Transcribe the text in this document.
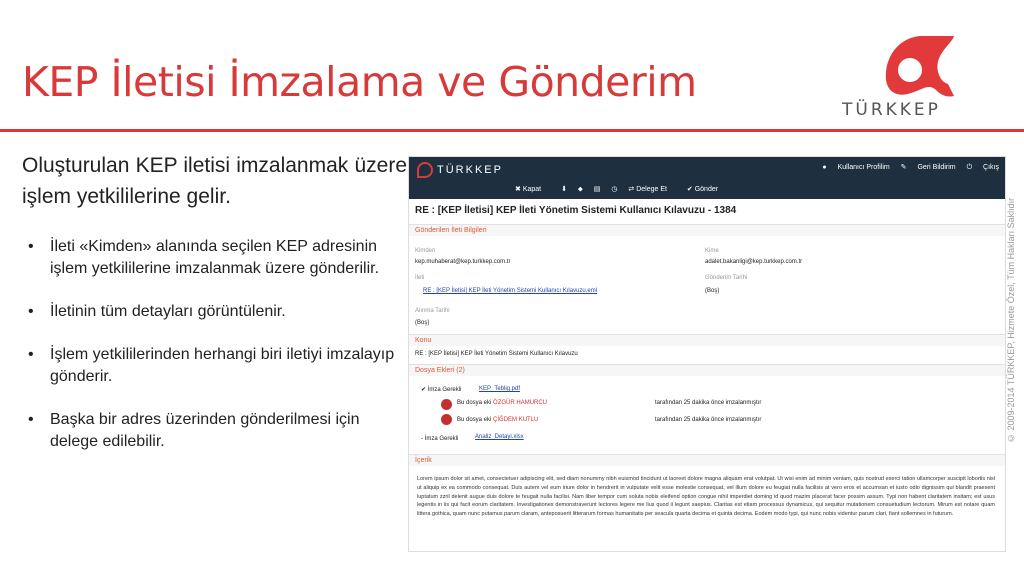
KEP İletisi İmzalama ve Gönderim
TÜRKKEP
Oluşturulan KEP iletisi imzalanmak üzere işlem yetkililerine gelir.
• İleti «Kimden» alanında seçilen KEP adresinin işlem yetkililerine imzalanmak üzere gönderilir.
• İletinin tüm detayları görüntülenir.
• İşlem yetkililerinden herhangi biri iletiyi imzalayıp gönderir.
• Başka bir adres üzerinden gönderilmesi için delege edilebilir.	© 2009-2014 TÜRKKEP, Hizmete Özel, Tüm Hakları Saklıdır
TÜRKKEP	● Kullanıcı Profilim ✎ Geri Bildirim ⏻ Çıkış
✖ Kapat	⬇ ⬥ ▤ ◷ ⇄ Delege Et	✔ Gönder
RE : [KEP İletisi] KEP İleti Yönetim Sistemi Kullanıcı Kılavuzu - 1384
Gönderilen İleti Bilgileri
Kimden
kep.muhaberat@kep.turkkep.com.tr
Kime
adalet.bakanligi@kep.turkkep.com.tr
İleti
RE : [KEP İletisi] KEP İleti Yönetim Sistemi Kullanıcı Kılavuzu.eml
Gönderim Tarihi
(Boş)
Alınma Tarihi
(Boş)
Konu
RE : [KEP İletisi] KEP İleti Yönetim Sistemi Kullanıcı Kılavuzu
Dosya Ekleri (2)
✔ İmza Gerekli	KEP_Teblig.pdf
Bu dosya eki ÖZGÜR HAMURCU	tarafından 25 dakika önce imzalanmıştır
Bu dosya eki ÇİĞDEM KUTLU	tarafından 25 dakika önce imzalanmıştır
- İmza Gerekli	Analiz_Detayi.xlsx
İçerik
Lorem ipsum dolor sit amet, consectetuer adipiscing elit, sed diam nonummy nibh euismod tincidunt ut laoreet dolore magna aliquam erat volutpat. Ut wisi enim ad minim veniam, quis nostrud exerci tation ullamcorper suscipit lobortis nisl ut aliquip ex ea commodo consequat. Duis autem vel eum iriure dolor in hendrerit in vulputate velit esse molestie consequat, vel illum dolore eu feugiat nulla facilisis at vero eros et accumsan et iusto odio dignissim qui blandit praesent luptatum zzril delenit augue duis dolore te feugait nulla facilisi. Nam liber tempor cum soluta nobis eleifend option congue nihil imperdiet doming id quod mazim placerat facer possim assum. Typi non habent claritatem insitam; est usus legentis in iis qui facit eorum claritatem. Investigationes demonstraverunt lectores legere me lius quod ii legunt saepius. Claritas est etiam processus dynamicus, qui sequitur mutationem consuetudium lectorum. Mirum est notare quam littera gothica, quam nunc putamus parum claram, anteposuerit litterarum formas humanitatis per seacula quarta decima et quinta decima. Eodem modo typi, qui nunc nobis videntur parum clari, fiant sollemnes in futurum.
